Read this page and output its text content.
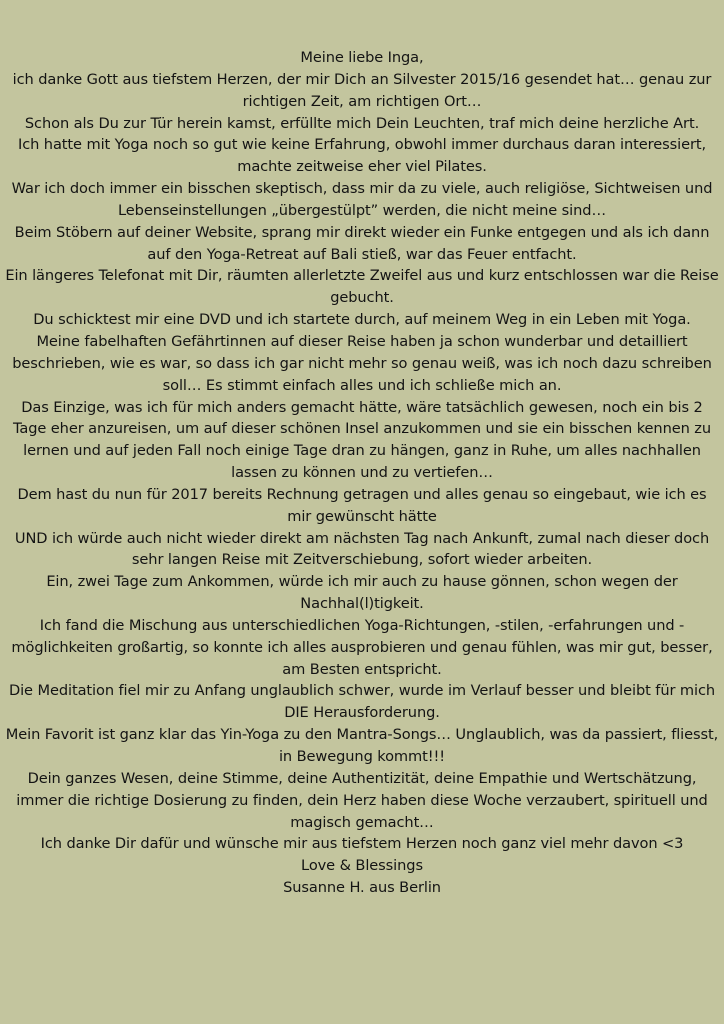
Meine liebe Inga,

ich danke Gott aus tiefstem Herzen, der mir Dich an Silvester 2015/16 gesendet hat… genau zur richtigen Zeit, am richtigen Ort…

Schon als Du zur Tür herein kamst, erfüllte mich Dein Leuchten, traf mich deine herzliche Art.

Ich hatte mit Yoga noch so gut wie keine Erfahrung, obwohl immer durchaus daran interessiert, machte zeitweise eher viel Pilates.

War ich doch immer ein bisschen skeptisch, dass mir da zu viele, auch religiöse, Sichtweisen und Lebenseinstellungen „übergestülpt” werden, die nicht meine sind…

Beim Stöbern auf deiner Website, sprang mir direkt wieder ein Funke entgegen und als ich dann auf den Yoga-Retreat auf Bali stieß, war das Feuer entfacht.

Ein längeres Telefonat mit Dir, räumten allerletzte Zweifel aus und kurz entschlossen war die Reise gebucht.

Du schicktest mir eine DVD und ich startete durch, auf meinem Weg in ein Leben mit Yoga.

Meine fabelhaften Gefährtinnen auf dieser Reise haben ja schon wunderbar und detailliert beschrieben, wie es war, so dass ich gar nicht mehr so genau weiß, was ich noch dazu schreiben soll… Es stimmt einfach alles und ich schließe mich an.

Das Einzige, was ich für mich anders gemacht hätte, wäre tatsächlich gewesen, noch ein bis 2 Tage eher anzureisen, um auf dieser schönen Insel anzukommen und sie ein bisschen kennen zu lernen und auf jeden Fall noch einige Tage dran zu hängen, ganz in Ruhe, um alles nachhallen lassen zu können und zu vertiefen…

Dem hast du nun für 2017 bereits Rechnung getragen und alles genau so eingebaut, wie ich es mir gewünscht hätte

UND ich würde auch nicht wieder direkt am nächsten Tag nach Ankunft, zumal nach dieser doch sehr langen Reise mit Zeitverschiebung, sofort wieder arbeiten.

Ein, zwei Tage zum Ankommen, würde ich mir auch zu hause gönnen, schon wegen der Nachhal(l)tigkeit.

Ich fand die Mischung aus unterschiedlichen Yoga-Richtungen, -stilen, -erfahrungen und -möglichkeiten großartig, so konnte ich alles ausprobieren und genau fühlen, was mir gut, besser, am Besten entspricht.

Die Meditation fiel mir zu Anfang unglaublich schwer, wurde im Verlauf besser und bleibt für mich DIE Herausforderung.

Mein Favorit ist ganz klar das Yin-Yoga zu den Mantra-Songs… Unglaublich, was da passiert, fliesst, in Bewegung kommt!!!

Dein ganzes Wesen, deine Stimme, deine Authentizität, deine Empathie und Wertschätzung, immer die richtige Dosierung zu finden, dein Herz haben diese Woche verzaubert, spirituell und magisch gemacht…

Ich danke Dir dafür und wünsche mir aus tiefstem Herzen noch ganz viel mehr davon <3

Love & Blessings

Susanne H. aus Berlin
